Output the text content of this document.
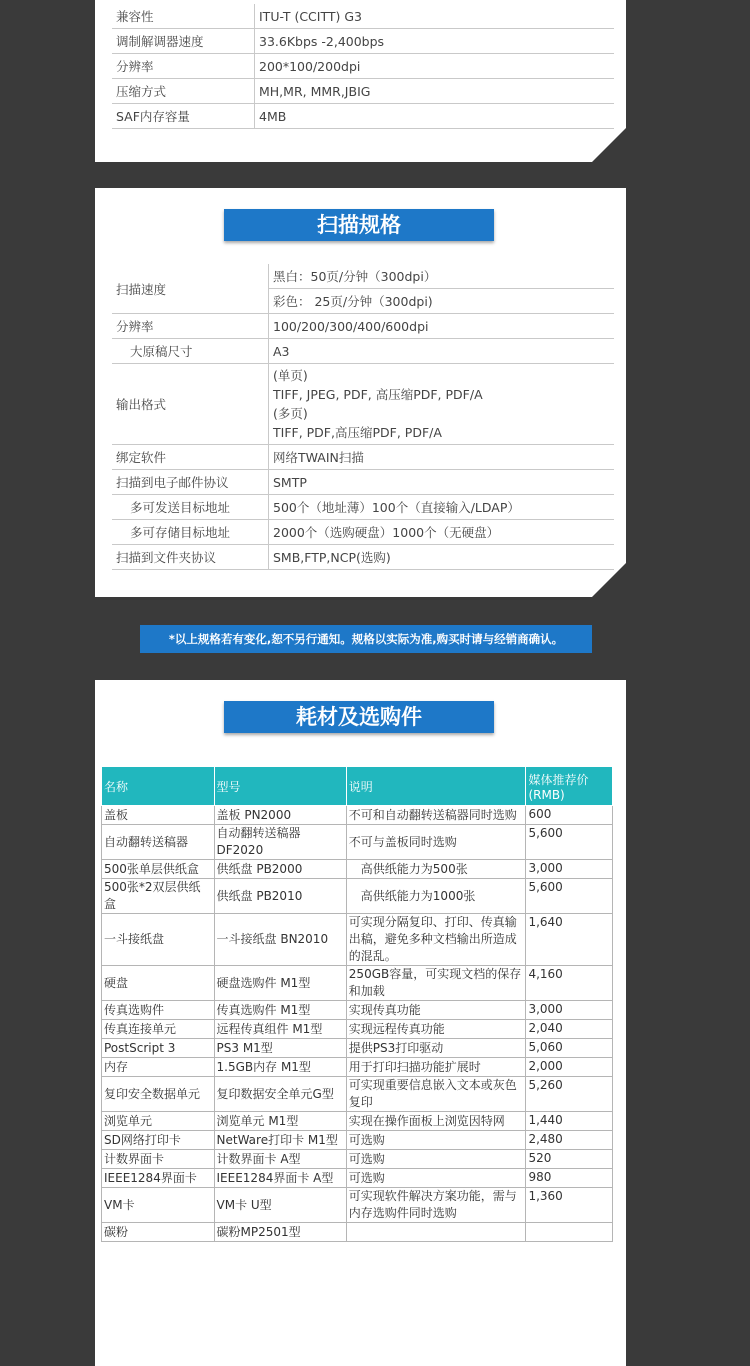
兼容性	ITU-T (CCITT) G3
调制解调器速度	33.6Kbps -2,400bps
分辨率	200*100/200dpi
压缩方式	MH,MR, MMR,JBIG
SAF内存容量	4MB
扫描规格
扫描速度	黑白：50页/分钟（300dpi）
	彩色： 25页/分钟（300dpi)
分辨率	100/200/300/400/600dpi
大原稿尺寸	A3
输出格式	(单页)
TIFF, JPEG, PDF, 高压缩PDF, PDF/A
(多页)
TIFF, PDF,高压缩PDF, PDF/A

绑定软件	网络TWAIN扫描
扫描到电子邮件协议	SMTP
多可发送目标地址	500个（地址薄）100个（直接输入/LDAP）
多可存储目标地址	2000个（选购硬盘）1000个（无硬盘）
扫描到文件夹协议	SMB,FTP,NCP(选购)
*以上规格若有变化,恕不另行通知。规格以实际为准,购买时请与经销商确认。
耗材及选购件
名称	型号	说明	媒体推荐价(RMB)
盖板	盖板 PN2000	不可和自动翻转送稿器同时选购	600
自动翻转送稿器	自动翻转送稿器DF2020	不可与盖板同时选购	5,600
500张单层供纸盒	供纸盘 PB2000	高供纸能力为500张	3,000
500张*2双层供纸盒	供纸盘 PB2010	高供纸能力为1000张	5,600
一斗接纸盘	一斗接纸盘 BN2010	可实现分隔复印、打印、传真输出稿，避免多种文档输出所造成的混乱。	1,640
硬盘	硬盘选购件 M1型	250GB容量，可实现文档的保存和加载	4,160
传真选购件	传真选购件 M1型	实现传真功能	3,000
传真连接单元	远程传真组件 M1型	实现远程传真功能	2,040
PostScript 3	PS3 M1型	提供PS3打印驱动	5,060
内存	1.5GB内存 M1型	用于打印扫描功能扩展时	2,000
复印安全数据单元	复印数据安全单元G型	可实现重要信息嵌入文本或灰色复印	5,260
浏览单元	浏览单元 M1型	实现在操作面板上浏览因特网	1,440
SD网络打印卡	NetWare打印卡 M1型	可选购	2,480
计数界面卡	计数界面卡 A型	可选购	520
IEEE1284界面卡	IEEE1284界面卡 A型	可选购	980
VM卡	VM卡 U型	可实现软件解决方案功能，需与内存选购件同时选购	1,360
碳粉	碳粉MP2501型		
